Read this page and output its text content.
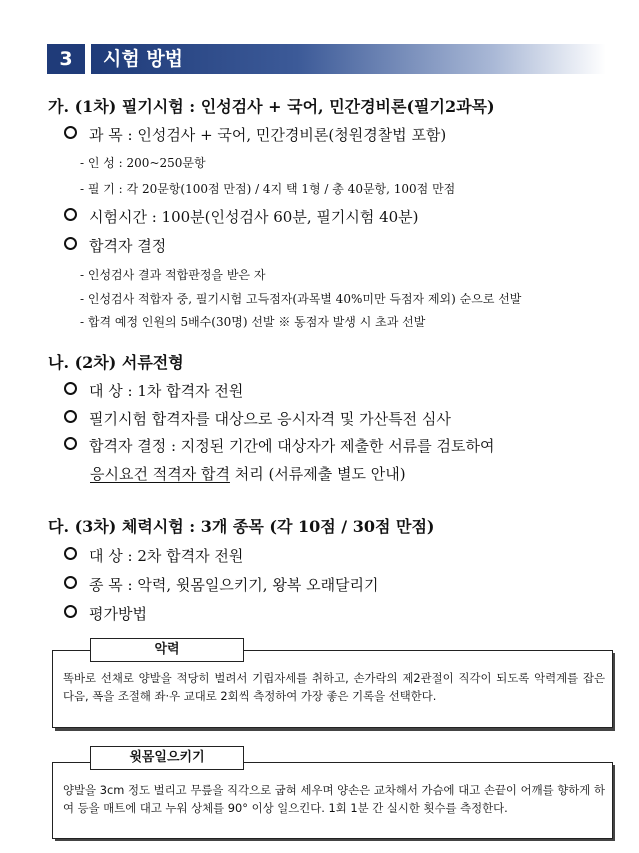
3	시험 방법
가. (1차) 필기시험 : 인성검사 + 국어, 민간경비론(필기2과목)
과 목 : 인성검사 + 국어, 민간경비론(청원경찰법 포함)
- 인 성 : 200~250문항
- 필 기 : 각 20문항(100점 만점) / 4지 택 1형 / 총 40문항, 100점 만점
시험시간 : 100분(인성검사 60분, 필기시험 40분)
합격자 결정
- 인성검사 결과 적합판정을 받은 자
- 인성검사 적합자 중, 필기시험 고득점자(과목별 40%미만 득점자 제외) 순으로 선발
- 합격 예정 인원의 5배수(30명) 선발 ※ 동점자 발생 시 초과 선발
나. (2차) 서류전형
대 상 : 1차 합격자 전원
필기시험 합격자를 대상으로 응시자격 및 가산특전 심사
합격자 결정 : 지정된 기간에 대상자가 제출한 서류를 검토하여
응시요건 적격자 합격 처리 (서류제출 별도 안내)
다. (3차) 체력시험 : 3개 종목 (각 10점 / 30점 만점)
대 상 : 2차 합격자 전원
종 목 : 악력, 윗몸일으키기, 왕복 오래달리기
평가방법
악력
똑바로 선채로 양발을 적당히 벌려서 기립자세를 취하고, 손가락의 제2관절이 직각이 되도록 악력계를 잡은 다음, 폭을 조절해 좌·우 교대로 2회씩 측정하여 가장 좋은 기록을 선택한다.
윗몸일으키기
양발을 3cm 정도 벌리고 무릎을 직각으로 굽혀 세우며 양손은 교차해서 가슴에 대고 손끝이 어깨를 향하게 하여 등을 매트에 대고 누워 상체를 90° 이상 일으킨다. 1회 1분 간 실시한 횟수를 측정한다.
